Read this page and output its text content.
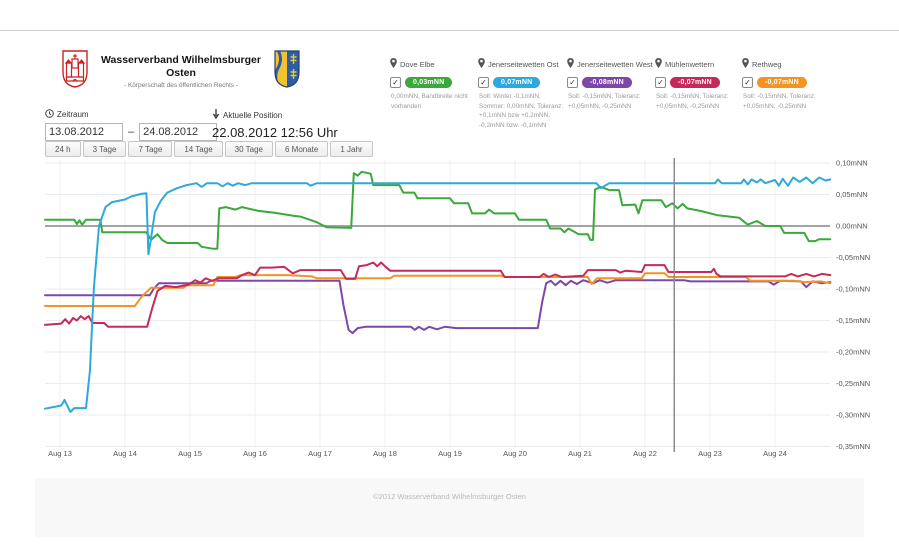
Wasserverband Wilhelmsburger Osten
- Körperschaft des öffentlichen Rechts -
Dove Elbe
✓	0,03mNN
0,00mNN, Bandbreite nicht vorhanden
Jenerseitewetten Ost
✓	0,07mNN
Soll: Winter -0,1mNN, Sommer: 0,00mNN, Toleranz: +0,1mNN bzw +0,2mNN, -0,2mNN bzw. -0,1mNN
Jenerseitewetten West
✓	-0,08mNN
Soll: -0,15mNN, Toleranz: +0,05mNN, -0,25mNN
Mühlenwettern
✓	-0,07mNN
Soll: -0,15mNN, Toleranz: +0,05mNN, -0,25mNN
Rethweg
✓	-0,07mNN
Soll: -0,15mNN, Toleranz: +0,05mNN, -0,25mNN
Zeitraum
13.08.2012
–
24.08.2012
Aktuelle Position
22.08.2012 12:56 Uhr
24 h	3 Tage	7 Tage	14 Tage	30 Tage	6 Monate	1 Jahr
Aug 13	Aug 14	Aug 15	Aug 16	Aug 17	Aug 18	Aug 19	Aug 20	Aug 21	Aug 22	Aug 23	Aug 24
0,10mNN
0,05mNN
0,00mNN
-0,05mNN
-0,10mNN
-0,15mNN
-0,20mNN
-0,25mNN
-0,30mNN
-0,35mNN
©2012 Wasserverband Wilhelmsburger Osten
